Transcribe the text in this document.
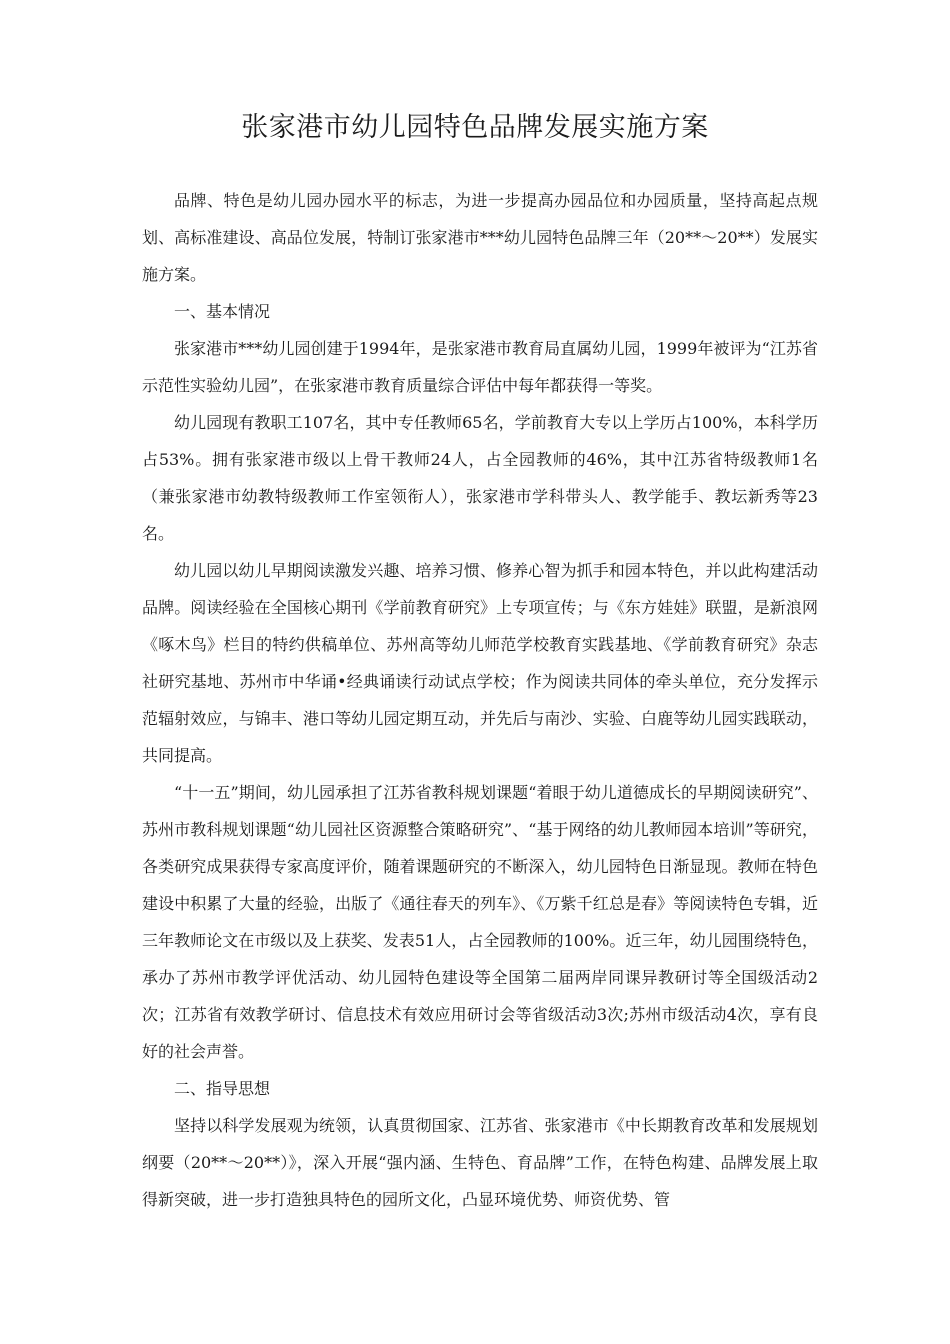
张家港市幼儿园特色品牌发展实施方案

品牌、特色是幼儿园办园水平的标志，为进一步提高办园品位和办园质量，坚持高起点规划、高标准建设、高品位发展，特制订张家港市***幼儿园特色品牌三年（20**～20**）发展实施方案。

一、基本情况

张家港市***幼儿园创建于1994年，是张家港市教育局直属幼儿园，1999年被评为“江苏省示范性实验幼儿园”，在张家港市教育质量综合评估中每年都获得一等奖。

幼儿园现有教职工107名，其中专任教师65名，学前教育大专以上学历占100%，本科学历占53%。拥有张家港市级以上骨干教师24人，占全园教师的46%，其中江苏省特级教师1名（兼张家港市幼教特级教师工作室领衔人），张家港市学科带头人、教学能手、教坛新秀等23名。

幼儿园以幼儿早期阅读激发兴趣、培养习惯、修养心智为抓手和园本特色，并以此构建活动品牌。阅读经验在全国核心期刊《学前教育研究》上专项宣传；与《东方娃娃》联盟，是新浪网《啄木鸟》栏目的特约供稿单位、苏州高等幼儿师范学校教育实践基地、《学前教育研究》杂志社研究基地、苏州市中华诵•经典诵读行动试点学校；作为阅读共同体的牵头单位，充分发挥示范辐射效应，与锦丰、港口等幼儿园定期互动，并先后与南沙、实验、白鹿等幼儿园实践联动，共同提高。

“十一五”期间，幼儿园承担了江苏省教科规划课题“着眼于幼儿道德成长的早期阅读研究”、苏州市教科规划课题“幼儿园社区资源整合策略研究”、“基于网络的幼儿教师园本培训”等研究，各类研究成果获得专家高度评价，随着课题研究的不断深入，幼儿园特色日渐显现。教师在特色建设中积累了大量的经验，出版了《通往春天的列车》、《万紫千红总是春》等阅读特色专辑，近三年教师论文在市级以及上获奖、发表51人，占全园教师的100%。近三年，幼儿园围绕特色，承办了苏州市教学评优活动、幼儿园特色建设等全国第二届两岸同课异教研讨等全国级活动2次；江苏省有效教学研讨、信息技术有效应用研讨会等省级活动3次;苏州市级活动4次，享有良好的社会声誉。

二、指导思想

坚持以科学发展观为统领，认真贯彻国家、江苏省、张家港市《中长期教育改革和发展规划纲要（20**～20**）》，深入开展“强内涵、生特色、育品牌”工作，在特色构建、品牌发展上取得新突破，进一步打造独具特色的园所文化，凸显环境优势、师资优势、管
